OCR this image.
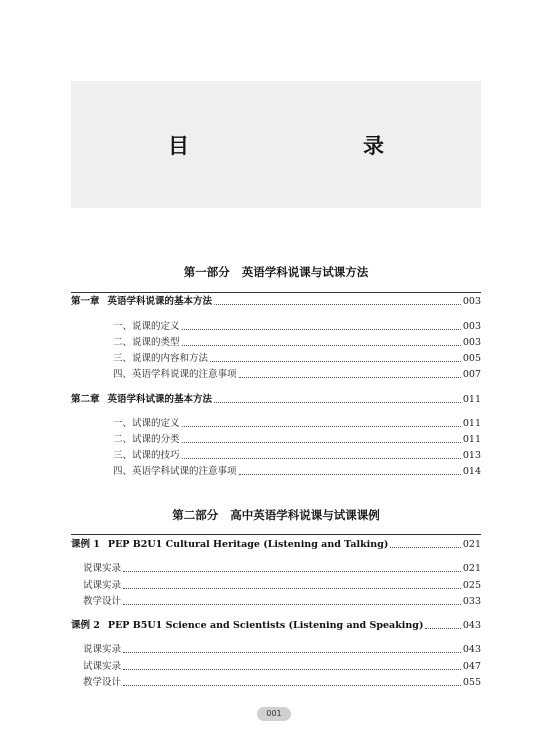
目　　录
第一部分 英语学科说课与试课方法
第一章 英语学科说课的基本方法	003
一、说课的定义	003
二、说课的类型	003
三、说课的内容和方法	005
四、英语学科说课的注意事项	007
第二章 英语学科试课的基本方法	011
一、试课的定义	011
二、试课的分类	011
三、试课的技巧	013
四、英语学科试课的注意事项	014
第二部分 高中英语学科说课与试课课例
课例 1 PEP B2U1 Cultural Heritage (Listening and Talking)	021
说课实录	021
试课实录	025
教学设计	033
课例 2 PEP B5U1 Science and Scientists (Listening and Speaking)	043
说课实录	043
试课实录	047
教学设计	055
001
